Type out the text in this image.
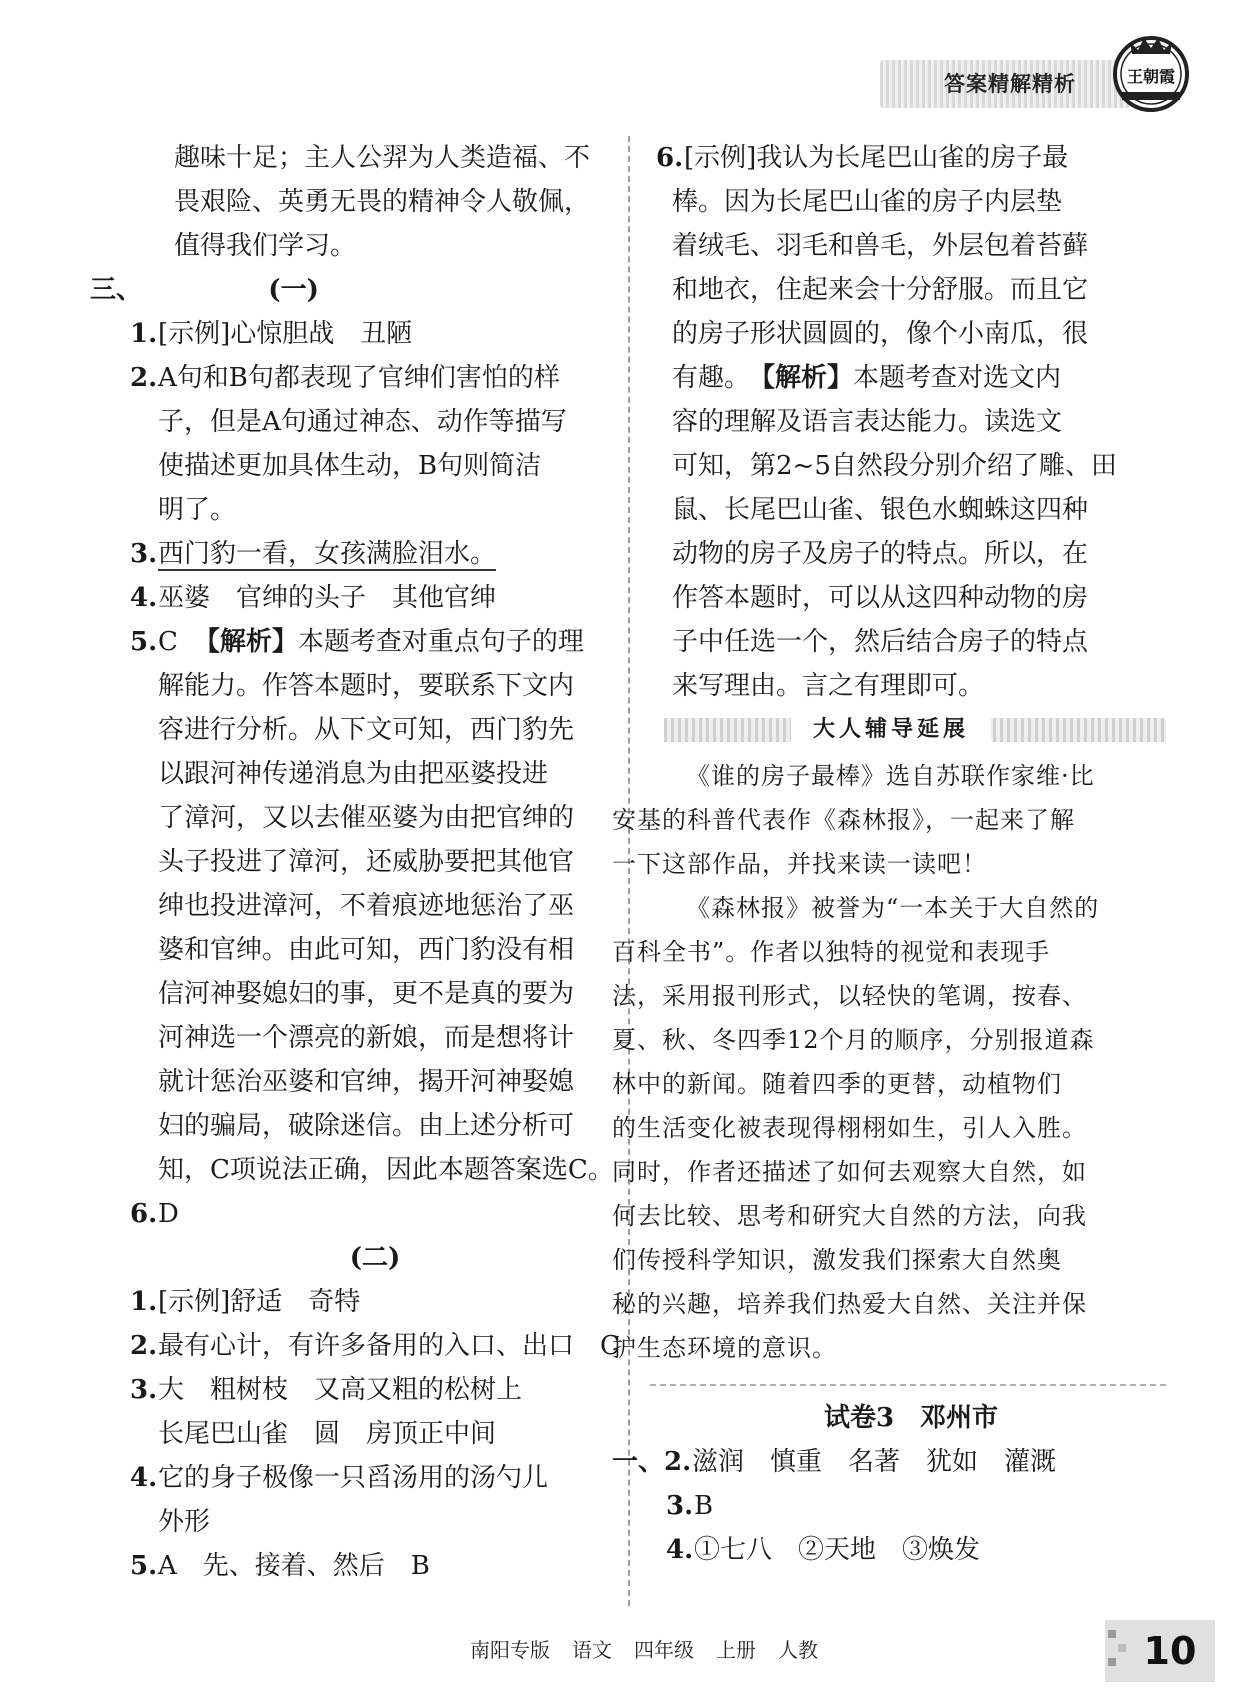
答案精解精析	王朝霞
趣味十足；主人公羿为人类造福、不
畏艰险、英勇无畏的精神令人敬佩，
值得我们学习。
三、	(一)
1.[示例]心惊胆战　丑陋
2.A句和B句都表现了官绅们害怕的样
子，但是A句通过神态、动作等描写
使描述更加具体生动，B句则简洁
明了。
3.西门豹一看，女孩满脸泪水。
4.巫婆　官绅的头子　其他官绅
5.C 【解析】本题考查对重点句子的理
解能力。作答本题时，要联系下文内
容进行分析。从下文可知，西门豹先
以跟河神传递消息为由把巫婆投进
了漳河，又以去催巫婆为由把官绅的
头子投进了漳河，还威胁要把其他官
绅也投进漳河，不着痕迹地惩治了巫
婆和官绅。由此可知，西门豹没有相
信河神娶媳妇的事，更不是真的要为
河神选一个漂亮的新娘，而是想将计
就计惩治巫婆和官绅，揭开河神娶媳
妇的骗局，破除迷信。由上述分析可
知，C项说法正确，因此本题答案选C。
6.D
(二)
1.[示例]舒适　奇特
2.最有心计，有许多备用的入口、出口　C
3.大　粗树枝　又高又粗的松树上
长尾巴山雀　圆　房顶正中间
4.它的身子极像一只舀汤用的汤勺儿
外形
5.A　先、接着、然后　B
6.[示例]我认为长尾巴山雀的房子最
棒。因为长尾巴山雀的房子内层垫
着绒毛、羽毛和兽毛，外层包着苔藓
和地衣，住起来会十分舒服。而且它
的房子形状圆圆的，像个小南瓜，很
有趣。 【解析】本题考查对选文内
容的理解及语言表达能力。读选文
可知，第2~5自然段分别介绍了雕、田
鼠、长尾巴山雀、银色水蜘蛛这四种
动物的房子及房子的特点。所以，在
作答本题时，可以从这四种动物的房
子中任选一个，然后结合房子的特点
来写理由。言之有理即可。
大人辅导延展
《谁的房子最棒》选自苏联作家维·比
安基的科普代表作《森林报》，一起来了解
一下这部作品，并找来读一读吧！
《森林报》被誉为“一本关于大自然的
百科全书”。作者以独特的视觉和表现手
法，采用报刊形式，以轻快的笔调，按春、
夏、秋、冬四季12个月的顺序，分别报道森
林中的新闻。随着四季的更替，动植物们
的生活变化被表现得栩栩如生，引人入胜。
同时，作者还描述了如何去观察大自然，如
何去比较、思考和研究大自然的方法，向我
们传授科学知识，激发我们探索大自然奥
秘的兴趣，培养我们热爱大自然、关注并保
护生态环境的意识。
试卷3　邓州市
一、2.滋润　慎重　名著　犹如　灌溉
3.B
4.①七八　②天地　③焕发
南阳专版 语文 四年级 上册 人教	10
